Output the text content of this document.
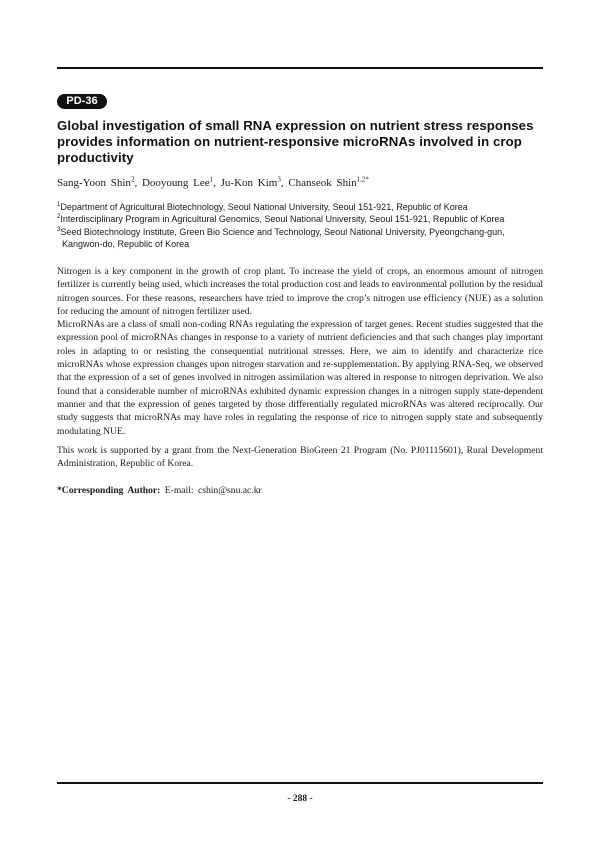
PD-36
Global investigation of small RNA expression on nutrient stress responses provides information on nutrient-responsive microRNAs involved in crop productivity
Sang-Yoon Shin$^2$, Dooyoung Lee$^1$, Ju-Kon Kim$^3$, Chanseok Shin$^{1,2*}$
$^1$Department of Agricultural Biotechnology, Seoul National University, Seoul 151-921, Republic of Korea
$^2$Interdisciplinary Program in Agricultural Genomics, Seoul National University, Seoul 151-921, Republic of Korea
$^3$Seed Biotechnology Institute, Green Bio Science and Technology, Seoul National University, Pyeongchang-gun,
Kangwon-do, Republic of Korea

Nitrogen is a key component in the growth of crop plant. To increase the yield of crops, an enormous amount of nitrogen fertilizer is currently being used, which increases the total production cost and leads to environmental pollution by the residual nitrogen sources. For these reasons, researchers have tried to improve the crop’s nitrogen use efficiency (NUE) as a solution for reducing the amount of nitrogen fertilizer used.

MicroRNAs are a class of small non-coding RNAs regulating the expression of target genes. Recent studies suggested that the expression pool of microRNAs changes in response to a variety of nutrient deficiencies and that such changes play important roles in adapting to or resisting the consequential nutritional stresses. Here, we aim to identify and characterize rice microRNAs whose expression changes upon nitrogen starvation and re-supplementation. By applying RNA-Seq, we observed that the expression of a set of genes involved in nitrogen assimilation was altered in response to nitrogen deprivation. We also found that a considerable number of microRNAs exhibited dynamic expression changes in a nitrogen supply state-dependent manner and that the expression of genes targeted by those differentially regulated microRNAs was altered reciprocally. Our study suggests that microRNAs may have roles in regulating the response of rice to nitrogen supply state and subsequently modulating NUE.

This work is supported by a grant from the Next-Generation BioGreen 21 Program (No. PJ01115601), Rural Development Administration, Republic of Korea.

*Corresponding Author: E-mail: cshin@snu.ac.kr

- 288 -
